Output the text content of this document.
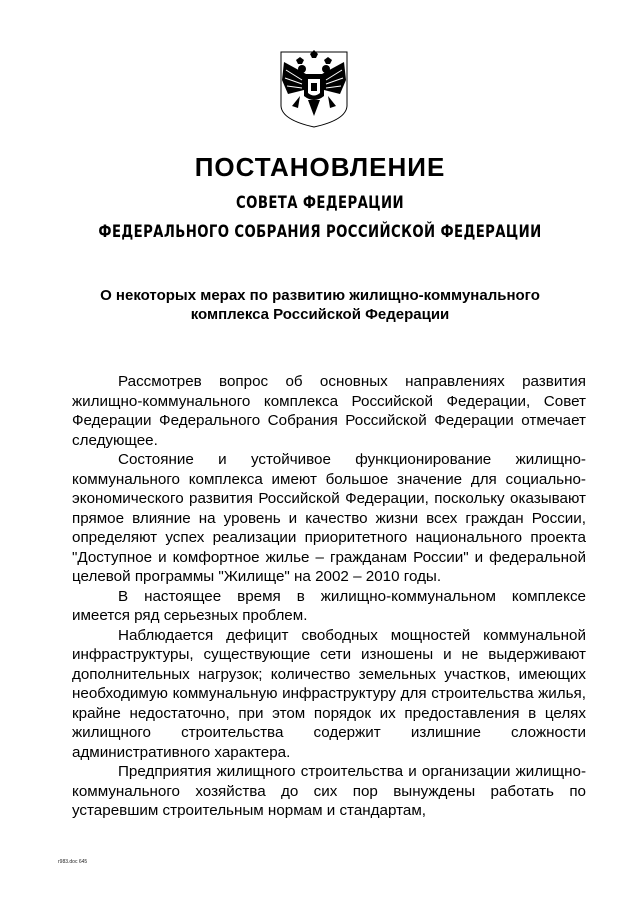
ПОСТАНОВЛЕНИЕ
СОВЕТА ФЕДЕРАЦИИ
ФЕДЕРАЛЬНОГО СОБРАНИЯ РОССИЙСКОЙ ФЕДЕРАЦИИ
О некоторых мерах по развитию жилищно-коммунального комплекса Российской Федерации

Рассмотрев вопрос об основных направлениях развития жилищно-коммунального комплекса Российской Федерации, Совет Федерации Федерального Собрания Российской Федерации отмечает следующее.

Состояние и устойчивое функционирование жилищно-коммунального комплекса имеют большое значение для социально-экономического развития Российской Федерации, поскольку оказывают прямое влияние на уровень и качество жизни всех граждан России, определяют успех реализации приоритетного национального проекта "Доступное и комфортное жилье – гражданам России" и федеральной целевой программы "Жилище" на 2002 – 2010 годы.

В настоящее время в жилищно-коммунальном комплексе имеется ряд серьезных проблем.

Наблюдается дефицит свободных мощностей коммунальной инфраструктуры, существующие сети изношены и не выдерживают дополнительных нагрузок; количество земельных участков, имеющих необходимую коммунальную инфраструктуру для строительства жилья, крайне недостаточно, при этом порядок их предоставления в целях жилищного строительства содержит излишние сложности административного характера.

Предприятия жилищного строительства и организации жилищно-коммунального хозяйства до сих пор вынуждены работать по устаревшим строительным нормам и стандартам,

r983.doc 645
